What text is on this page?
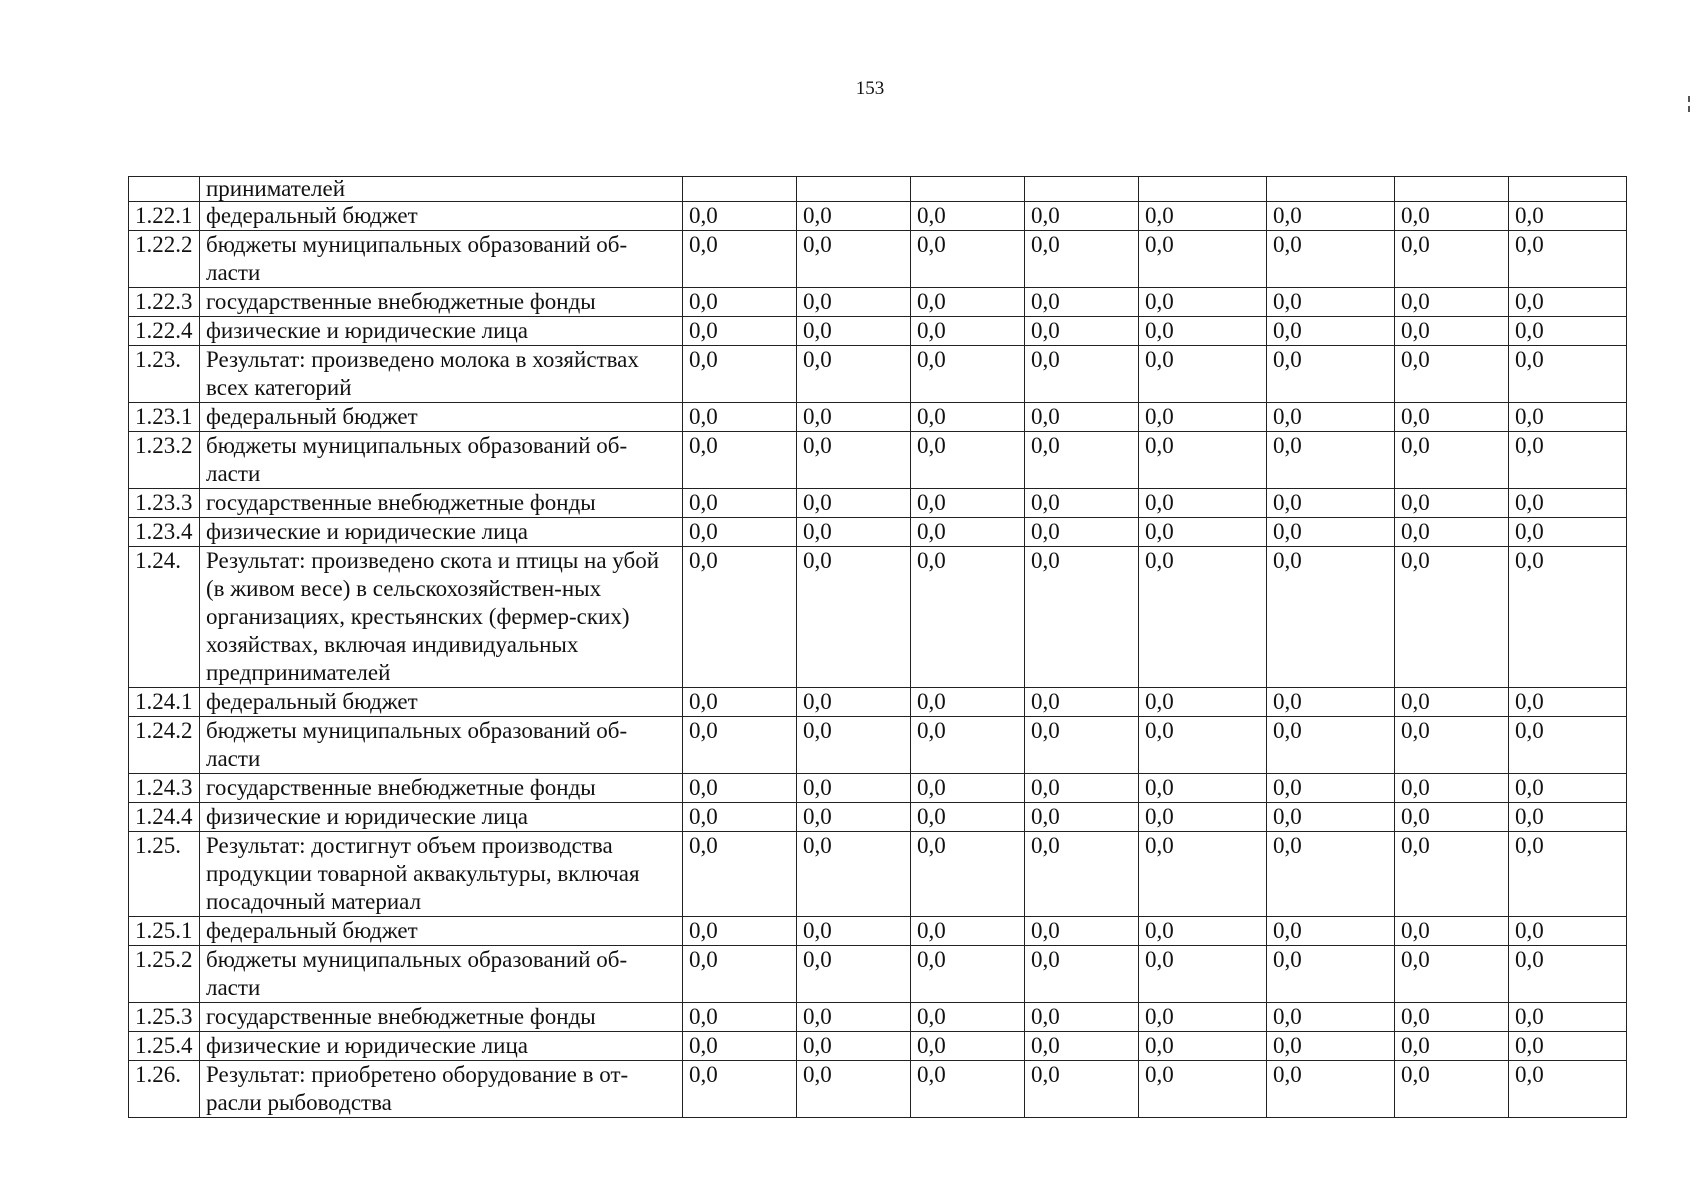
153
	принимателей								
1.22.1	федеральный бюджет	0,0	0,0	0,0	0,0	0,0	0,0	0,0	0,0
1.22.2	бюджеты муниципальных образований об-ласти	0,0	0,0	0,0	0,0	0,0	0,0	0,0	0,0
1.22.3	государственные внебюджетные фонды	0,0	0,0	0,0	0,0	0,0	0,0	0,0	0,0
1.22.4	физические и юридические лица	0,0	0,0	0,0	0,0	0,0	0,0	0,0	0,0
1.23.	Результат: произведено молока в хозяйствах всех категорий	0,0	0,0	0,0	0,0	0,0	0,0	0,0	0,0
1.23.1	федеральный бюджет	0,0	0,0	0,0	0,0	0,0	0,0	0,0	0,0
1.23.2	бюджеты муниципальных образований об-ласти	0,0	0,0	0,0	0,0	0,0	0,0	0,0	0,0
1.23.3	государственные внебюджетные фонды	0,0	0,0	0,0	0,0	0,0	0,0	0,0	0,0
1.23.4	физические и юридические лица	0,0	0,0	0,0	0,0	0,0	0,0	0,0	0,0
1.24.	Результат: произведено скота и птицы на убой (в живом весе) в сельскохозяйствен-ных организациях, крестьянских (фермер-ских) хозяйствах, включая индивидуальных предпринимателей	0,0	0,0	0,0	0,0	0,0	0,0	0,0	0,0
1.24.1	федеральный бюджет	0,0	0,0	0,0	0,0	0,0	0,0	0,0	0,0
1.24.2	бюджеты муниципальных образований об-ласти	0,0	0,0	0,0	0,0	0,0	0,0	0,0	0,0
1.24.3	государственные внебюджетные фонды	0,0	0,0	0,0	0,0	0,0	0,0	0,0	0,0
1.24.4	физические и юридические лица	0,0	0,0	0,0	0,0	0,0	0,0	0,0	0,0
1.25.	Результат: достигнут объем производства продукции товарной аквакультуры, включая посадочный материал	0,0	0,0	0,0	0,0	0,0	0,0	0,0	0,0
1.25.1	федеральный бюджет	0,0	0,0	0,0	0,0	0,0	0,0	0,0	0,0
1.25.2	бюджеты муниципальных образований об-ласти	0,0	0,0	0,0	0,0	0,0	0,0	0,0	0,0
1.25.3	государственные внебюджетные фонды	0,0	0,0	0,0	0,0	0,0	0,0	0,0	0,0
1.25.4	физические и юридические лица	0,0	0,0	0,0	0,0	0,0	0,0	0,0	0,0
1.26.	Результат: приобретено оборудование в от-расли рыбоводства	0,0	0,0	0,0	0,0	0,0	0,0	0,0	0,0
